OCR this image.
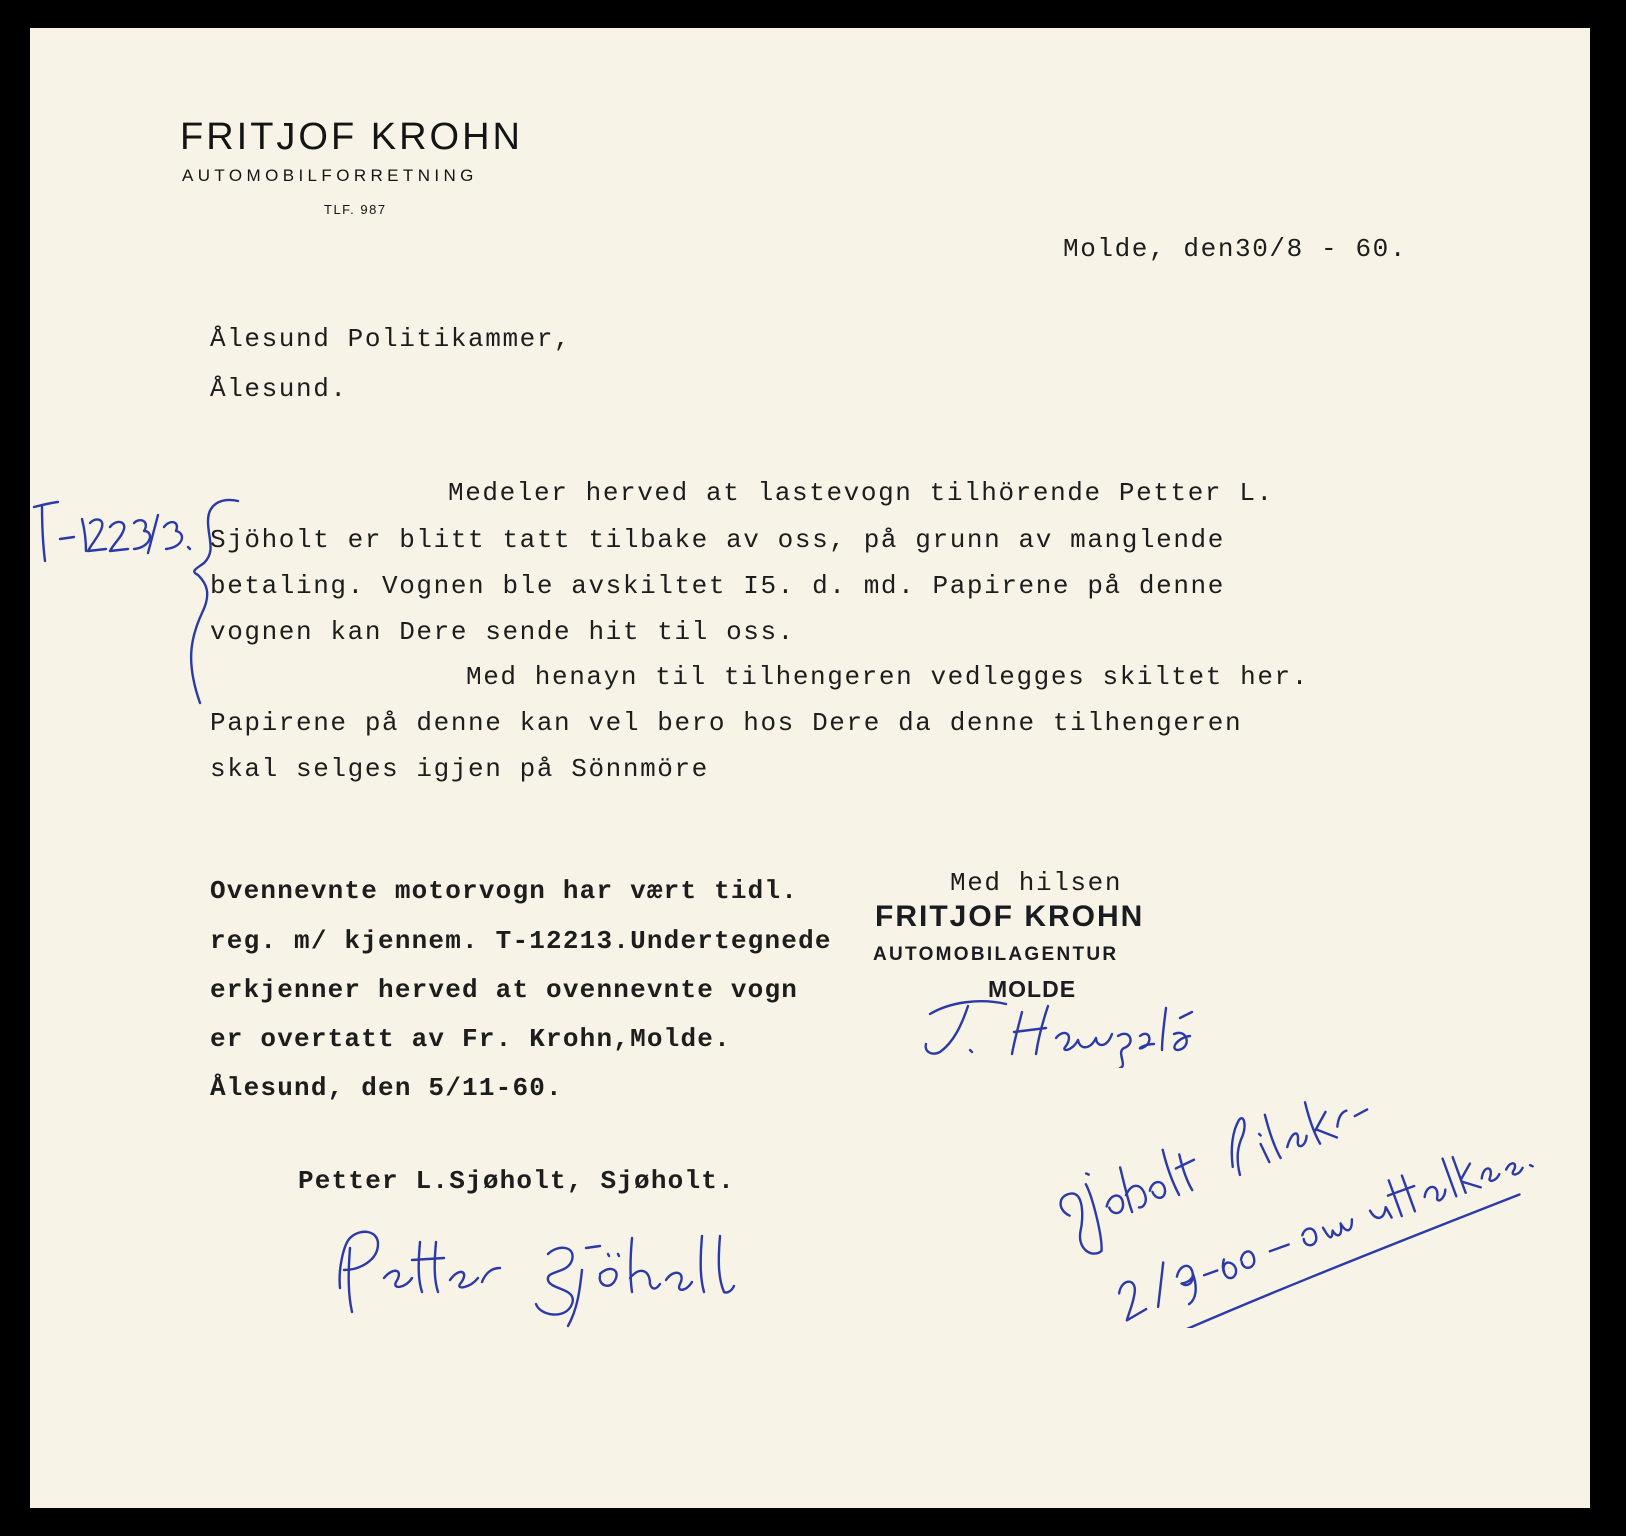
FRITJOF KROHN
AUTOMOBILFORRETNING
TLF. 987
Molde, den30/8 - 60.
Ålesund Politikammer,
Ålesund.
Medeler herved at lastevogn tilhörende Petter L.
Sjöholt er blitt tatt tilbake av oss, på grunn av manglende
betaling. Vognen ble avskiltet I5. d. md. Papirene på denne
vognen kan Dere sende hit til oss.
Med henayn til tilhengeren vedlegges skiltet her.
Papirene på denne kan vel bero hos Dere da denne tilhengeren
skal selges igjen på Sönnmöre
Ovennevnte motorvogn har vært tidl.
reg. m/ kjennem. T-12213.Undertegnede
erkjenner herved at ovennevnte vogn
er overtatt av Fr. Krohn,Molde.
Ålesund, den 5/11-60.
Med hilsen
FRITJOF KROHN
AUTOMOBILAGENTUR
MOLDE
Petter L.Sjøholt, Sjøholt.
